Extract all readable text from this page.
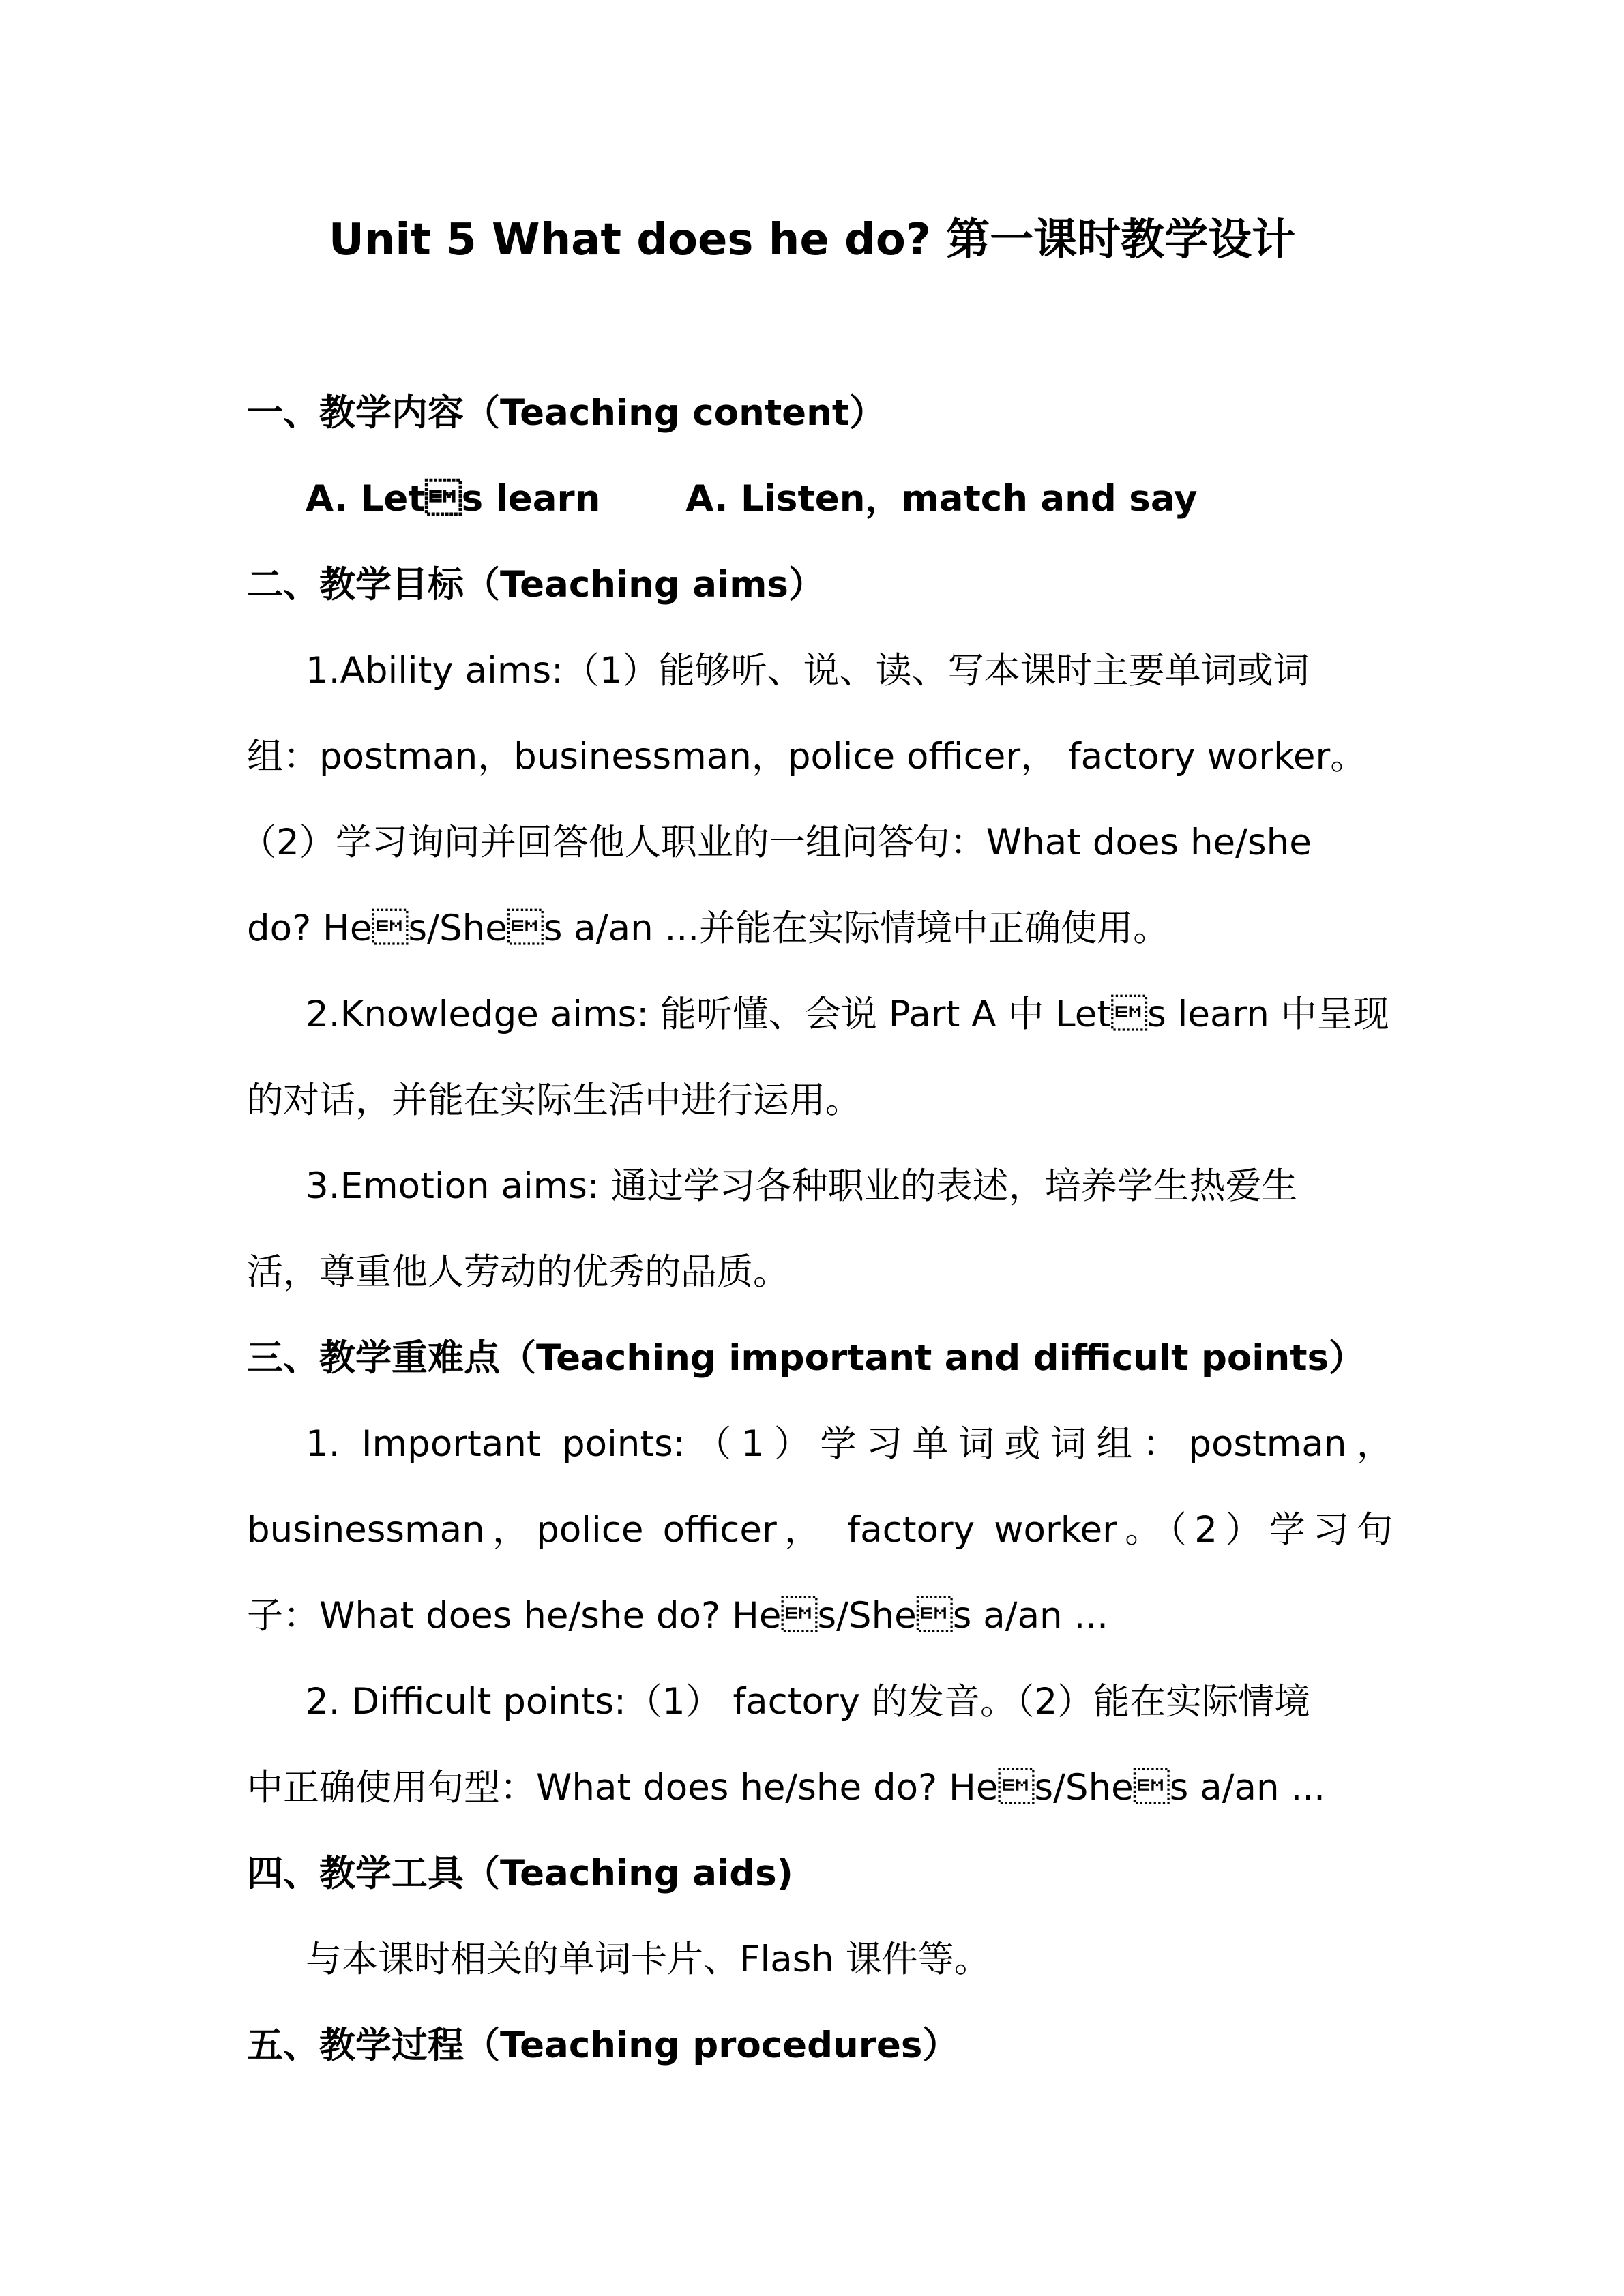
Unit 5 What does he do? 第一课时教学设计
一、教学内容（Teaching content）
A. Lets learn A. Listen，match and say
二、教学目标（Teaching aims）
1.Ability aims:（1）能够听、说、读、写本课时主要单词或词
组：postman，businessman，police officer， factory worker。
（2）学习询问并回答他人职业的一组问答句：What does he/she
do? Hes/Shes a/an ...并能在实际情境中正确使用。
2.Knowledge aims: 能听懂、会说 Part A 中 Lets learn 中呈现
的对话，并能在实际生活中进行运用。
3.Emotion aims: 通过学习各种职业的表述，培养学生热爱生
活，尊重他人劳动的优秀的品质。
三、教学重难点（Teaching important and difficult points）
1. Important points:（1）学习单词或词组：postman，
businessman，police officer， factory worker。（2）学习句
子：What does he/she do? Hes/Shes a/an ...
2. Difficult points:（1） factory 的发音。（2）能在实际情境
中正确使用句型：What does he/she do? Hes/Shes a/an ...
四、教学工具（Teaching aids)
与本课时相关的单词卡片、Flash 课件等。
五、教学过程（Teaching procedures）
